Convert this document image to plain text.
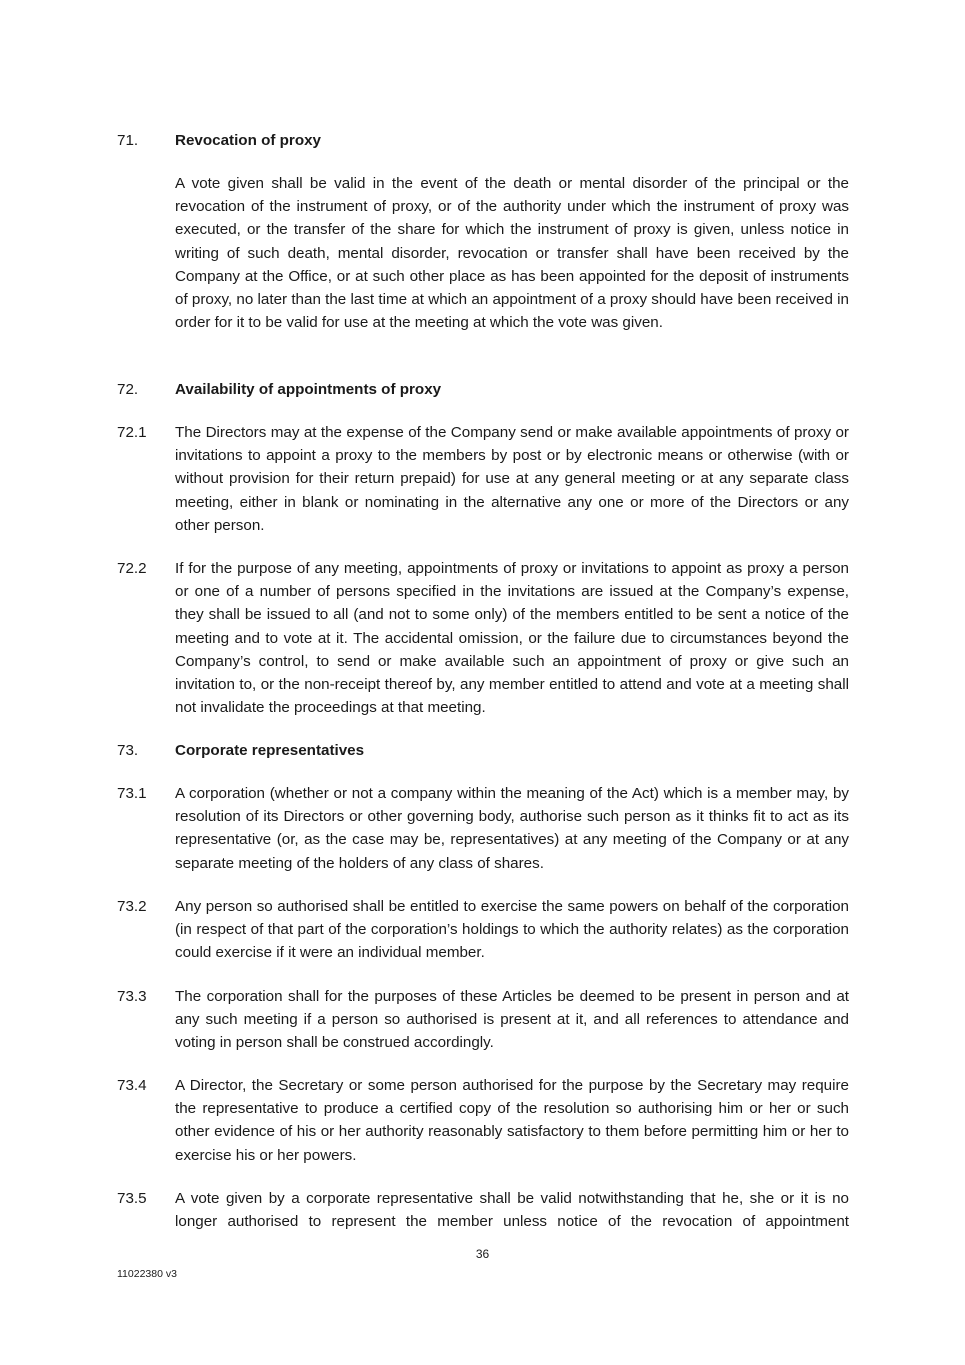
71. Revocation of proxy
A vote given shall be valid in the event of the death or mental disorder of the principal or the revocation of the instrument of proxy, or of the authority under which the instrument of proxy was executed, or the transfer of the share for which the instrument of proxy is given, unless notice in writing of such death, mental disorder, revocation or transfer shall have been received by the Company at the Office, or at such other place as has been appointed for the deposit of instruments of proxy, no later than the last time at which an appointment of a proxy should have been received in order for it to be valid for use at the meeting at which the vote was given.
72. Availability of appointments of proxy
72.1 The Directors may at the expense of the Company send or make available appointments of proxy or invitations to appoint a proxy to the members by post or by electronic means or otherwise (with or without provision for their return prepaid) for use at any general meeting or at any separate class meeting, either in blank or nominating in the alternative any one or more of the Directors or any other person.
72.2 If for the purpose of any meeting, appointments of proxy or invitations to appoint as proxy a person or one of a number of persons specified in the invitations are issued at the Company’s expense, they shall be issued to all (and not to some only) of the members entitled to be sent a notice of the meeting and to vote at it. The accidental omission, or the failure due to circumstances beyond the Company’s control, to send or make available such an appointment of proxy or give such an invitation to, or the non-receipt thereof by, any member entitled to attend and vote at a meeting shall not invalidate the proceedings at that meeting.
73. Corporate representatives
73.1 A corporation (whether or not a company within the meaning of the Act) which is a member may, by resolution of its Directors or other governing body, authorise such person as it thinks fit to act as its representative (or, as the case may be, representatives) at any meeting of the Company or at any separate meeting of the holders of any class of shares.
73.2 Any person so authorised shall be entitled to exercise the same powers on behalf of the corporation (in respect of that part of the corporation’s holdings to which the authority relates) as the corporation could exercise if it were an individual member.
73.3 The corporation shall for the purposes of these Articles be deemed to be present in person and at any such meeting if a person so authorised is present at it, and all references to attendance and voting in person shall be construed accordingly.
73.4 A Director, the Secretary or some person authorised for the purpose by the Secretary may require the representative to produce a certified copy of the resolution so authorising him or her or such other evidence of his or her authority reasonably satisfactory to them before permitting him or her to exercise his or her powers.
73.5 A vote given by a corporate representative shall be valid notwithstanding that he, she or it is no longer authorised to represent the member unless notice of the revocation of appointment
36
11022380 v3
